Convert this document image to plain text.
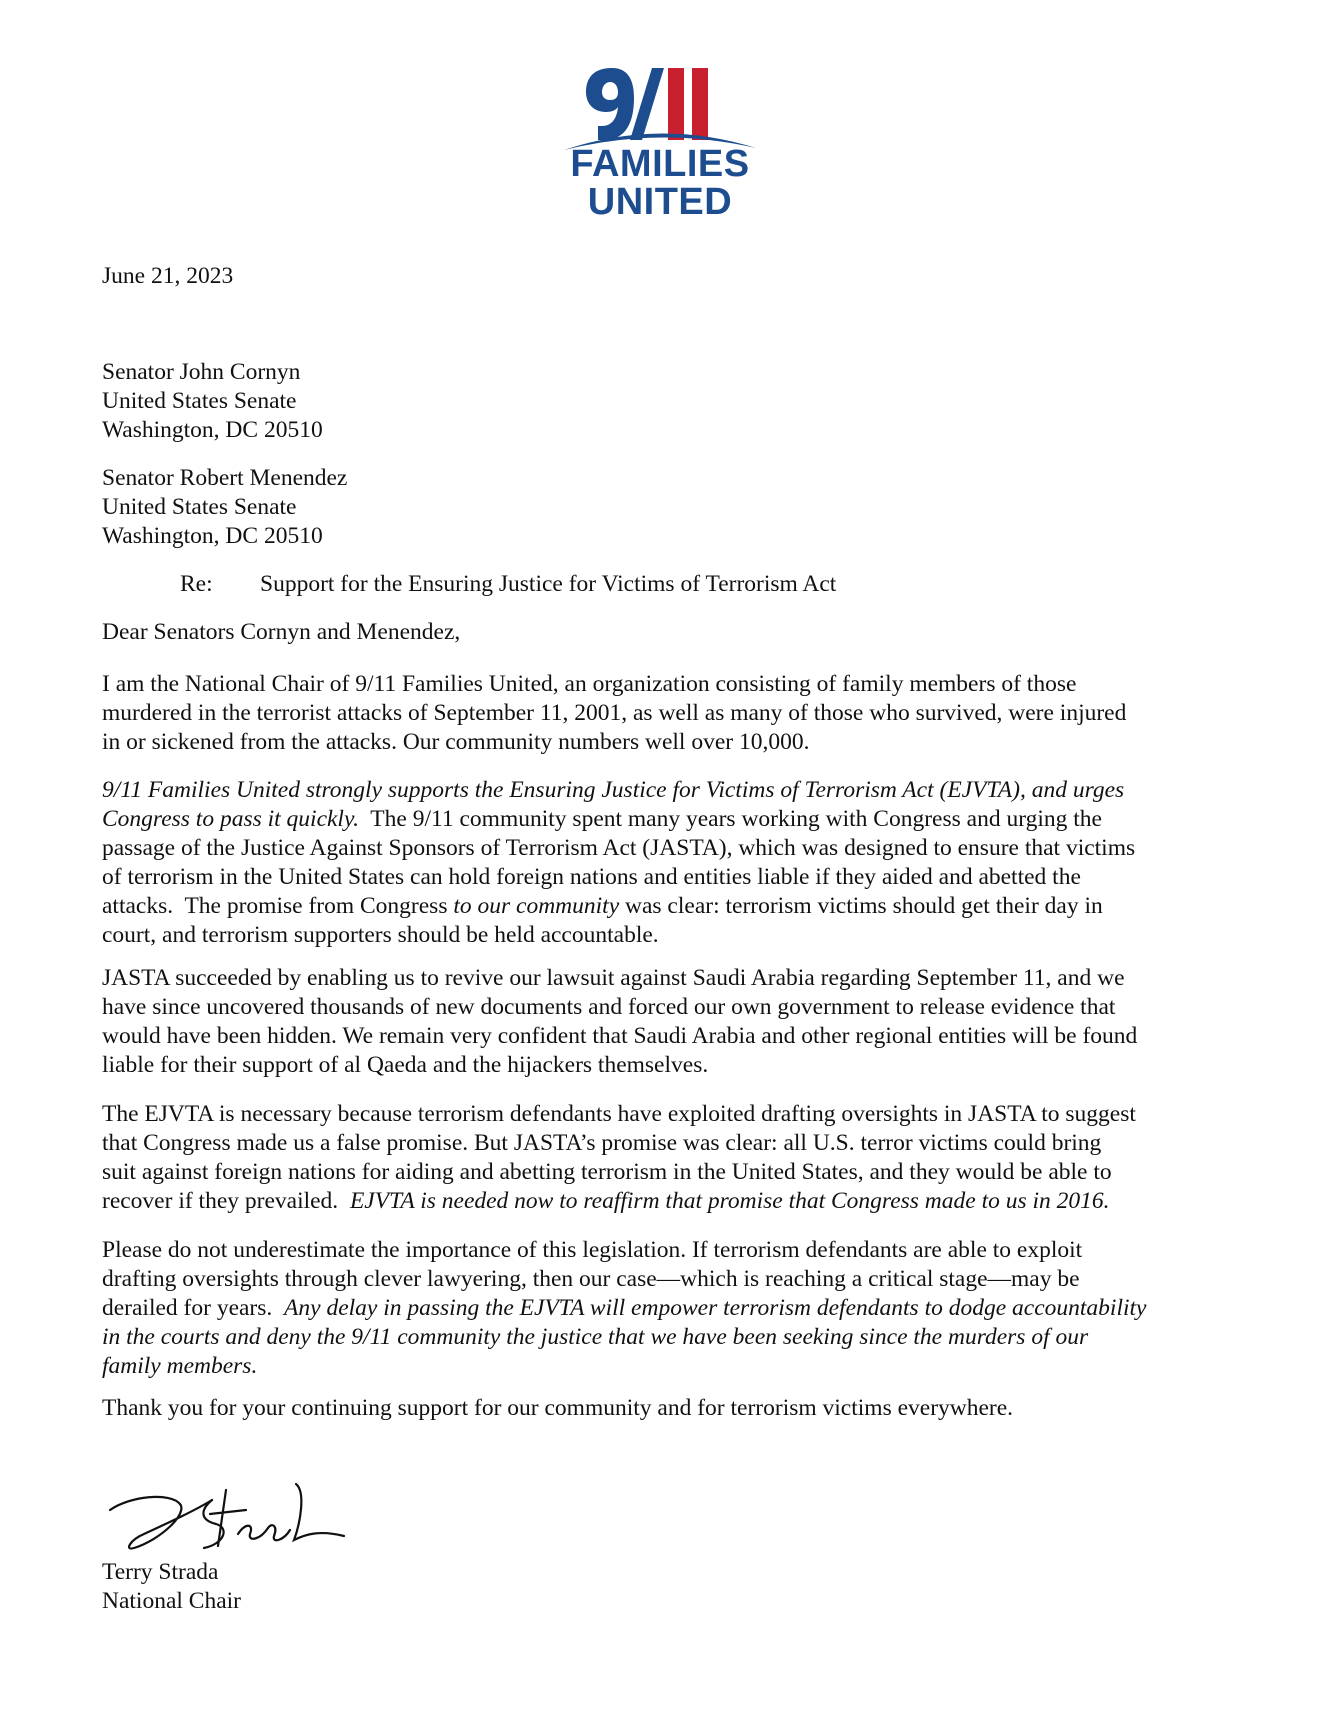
FAMILIES
UNITED
June 21, 2023
Senator John Cornyn
United States Senate
Washington, DC 20510
Senator Robert Menendez
United States Senate
Washington, DC 20510
Re: Support for the Ensuring Justice for Victims of Terrorism Act
Dear Senators Cornyn and Menendez,
I am the National Chair of 9/11 Families United, an organization consisting of family members of those
murdered in the terrorist attacks of September 11, 2001, as well as many of those who survived, were injured
in or sickened from the attacks. Our community numbers well over 10,000.
9/11 Families United strongly supports the Ensuring Justice for Victims of Terrorism Act (EJVTA), and urges
Congress to pass it quickly.  The 9/11 community spent many years working with Congress and urging the
passage of the Justice Against Sponsors of Terrorism Act (JASTA), which was designed to ensure that victims
of terrorism in the United States can hold foreign nations and entities liable if they aided and abetted the
attacks.  The promise from Congress to our community was clear: terrorism victims should get their day in
court, and terrorism supporters should be held accountable.
JASTA succeeded by enabling us to revive our lawsuit against Saudi Arabia regarding September 11, and we
have since uncovered thousands of new documents and forced our own government to release evidence that
would have been hidden. We remain very confident that Saudi Arabia and other regional entities will be found
liable for their support of al Qaeda and the hijackers themselves.
The EJVTA is necessary because terrorism defendants have exploited drafting oversights in JASTA to suggest
that Congress made us a false promise. But JASTA’s promise was clear: all U.S. terror victims could bring
suit against foreign nations for aiding and abetting terrorism in the United States, and they would be able to
recover if they prevailed.  EJVTA is needed now to reaffirm that promise that Congress made to us in 2016.
Please do not underestimate the importance of this legislation. If terrorism defendants are able to exploit
drafting oversights through clever lawyering, then our case—which is reaching a critical stage—may be
derailed for years.  Any delay in passing the EJVTA will empower terrorism defendants to dodge accountability
in the courts and deny the 9/11 community the justice that we have been seeking since the murders of our
family members.
Thank you for your continuing support for our community and for terrorism victims everywhere.
Terry Strada
National Chair
